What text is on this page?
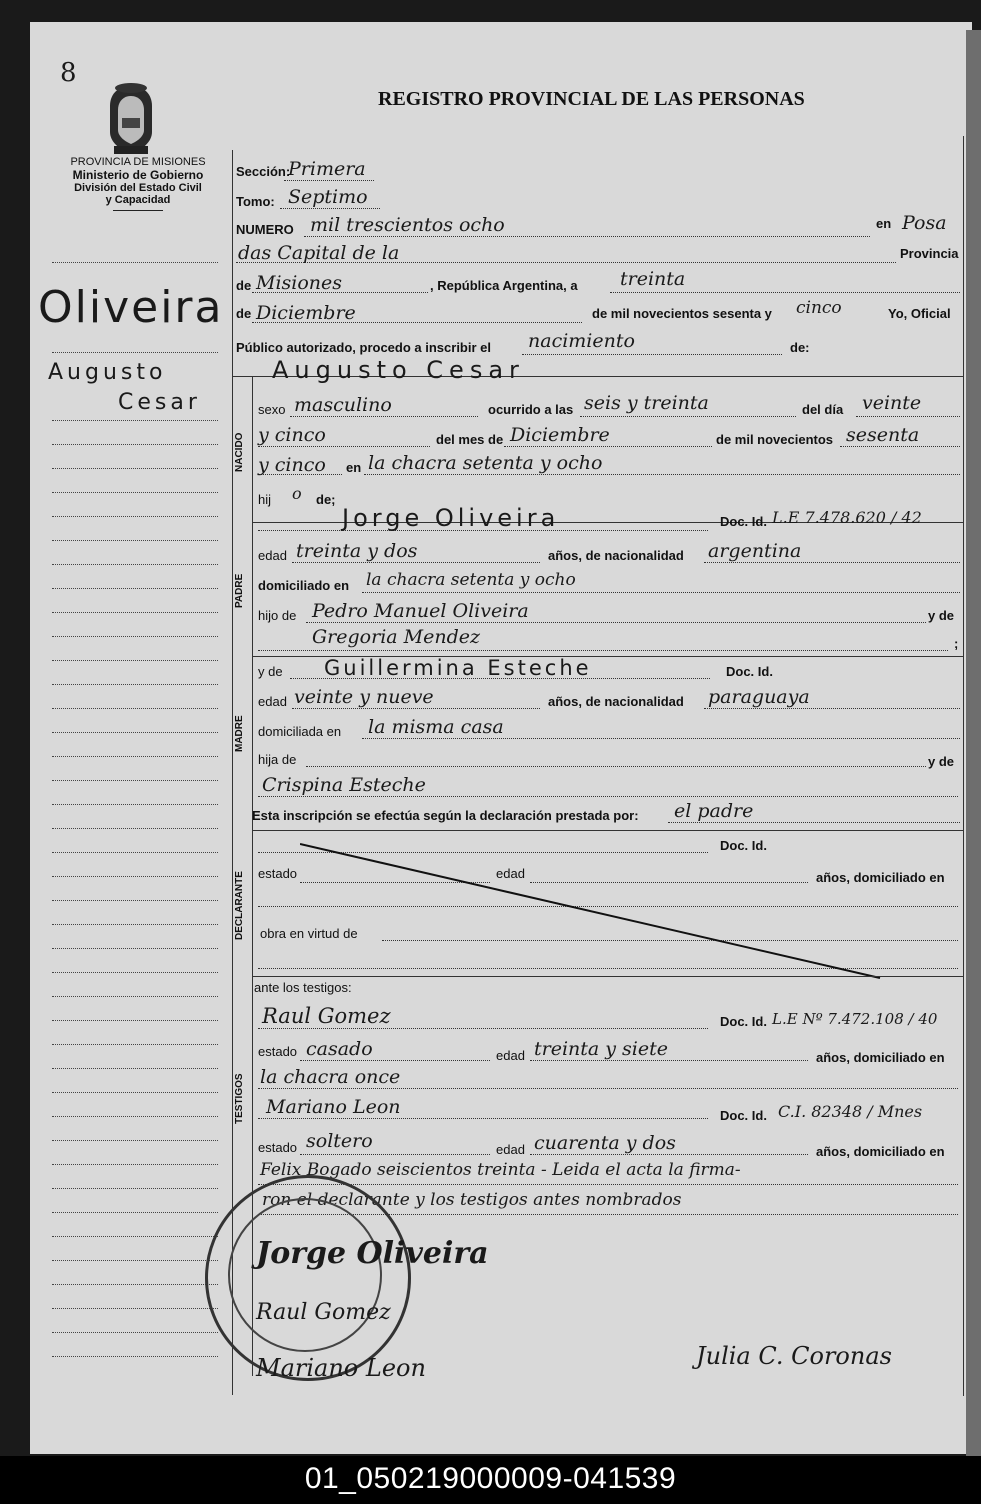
8
REGISTRO PROVINCIAL DE LAS PERSONAS
PROVINCIA DE MISIONES
Ministerio de Gobierno
División del Estado Civil
y Capacidad
Oliveira
Augusto
Cesar
Sección:
Primera
Tomo: Septimo
NUMERO mil trescientos ocho	en Posa
das Capital de la	Provincia
de Misiones	, República Argentina, a treinta
de Diciembre	de mil novecientos sesenta y cinco	Yo, Oficial
Público autorizado, procedo a inscribir el nacimiento	de:
Augusto Cesar
NACIDO
sexo masculino	ocurrido a las seis y treinta	del día veinte
y cinco	del mes de Diciembre	de mil novecientos sesenta
y cinco en la chacra setenta y ocho
hij o de;
PADRE
Jorge Oliveira	Doc. Id. L.E 7.478.620 / 42
edad treinta y dos	años, de nacionalidad argentina
domiciliado en la chacra setenta y ocho
hijo de Pedro Manuel Oliveira	y de
Gregoria Mendez	;
MADRE
y de Guillermina Esteche	Doc. Id.
edad veinte y nueve	años, de nacionalidad paraguaya
domiciliada en la misma casa
hija de	y de
Crispina Esteche
Esta inscripción se efectúa según la declaración prestada por: el padre
DECLARANTE
Doc. Id.
estado	edad	años, domiciliado en
obra en virtud de
ante los testigos:
TESTIGOS
Raul Gomez	Doc. Id. L.E Nº 7.472.108 / 40
estado casado	edad treinta y siete	años, domiciliado en
la chacra once
Mariano Leon	Doc. Id. C.I. 82348 / Mnes
estado soltero	edad cuarenta y dos	años, domiciliado en
Felix Bogado seiscientos treinta - Leida el acta la firma-
ron el declarante y los testigos antes nombrados
Jorge Oliveira
Raul Gomez
Mariano Leon	Julia C. Coronas
01_050219000009-041539
